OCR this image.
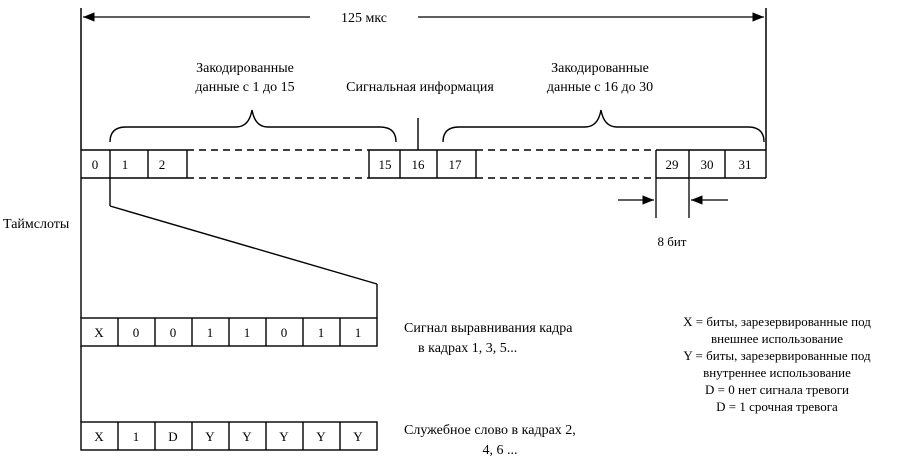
125 мкс
Закодированные
данные с 1 до 15	Сигнальная информация
Закодированные
данные с 16 до 30
0 1 2	15 16 17	29 30 31
8 бит
Таймслоты
X 0 0 1 1 0 1 1	Сигнал выравнивания кадра
в кадрах 1, 3, 5...
X 1 D Y Y Y Y Y	Служебное слово в кадрах 2,
4, 6 ...
X = биты, зарезервированные под
внешнее использование
Y = биты, зарезервированные под
внутреннее использование
D = 0 нет сигнала тревоги
D = 1 срочная тревога
